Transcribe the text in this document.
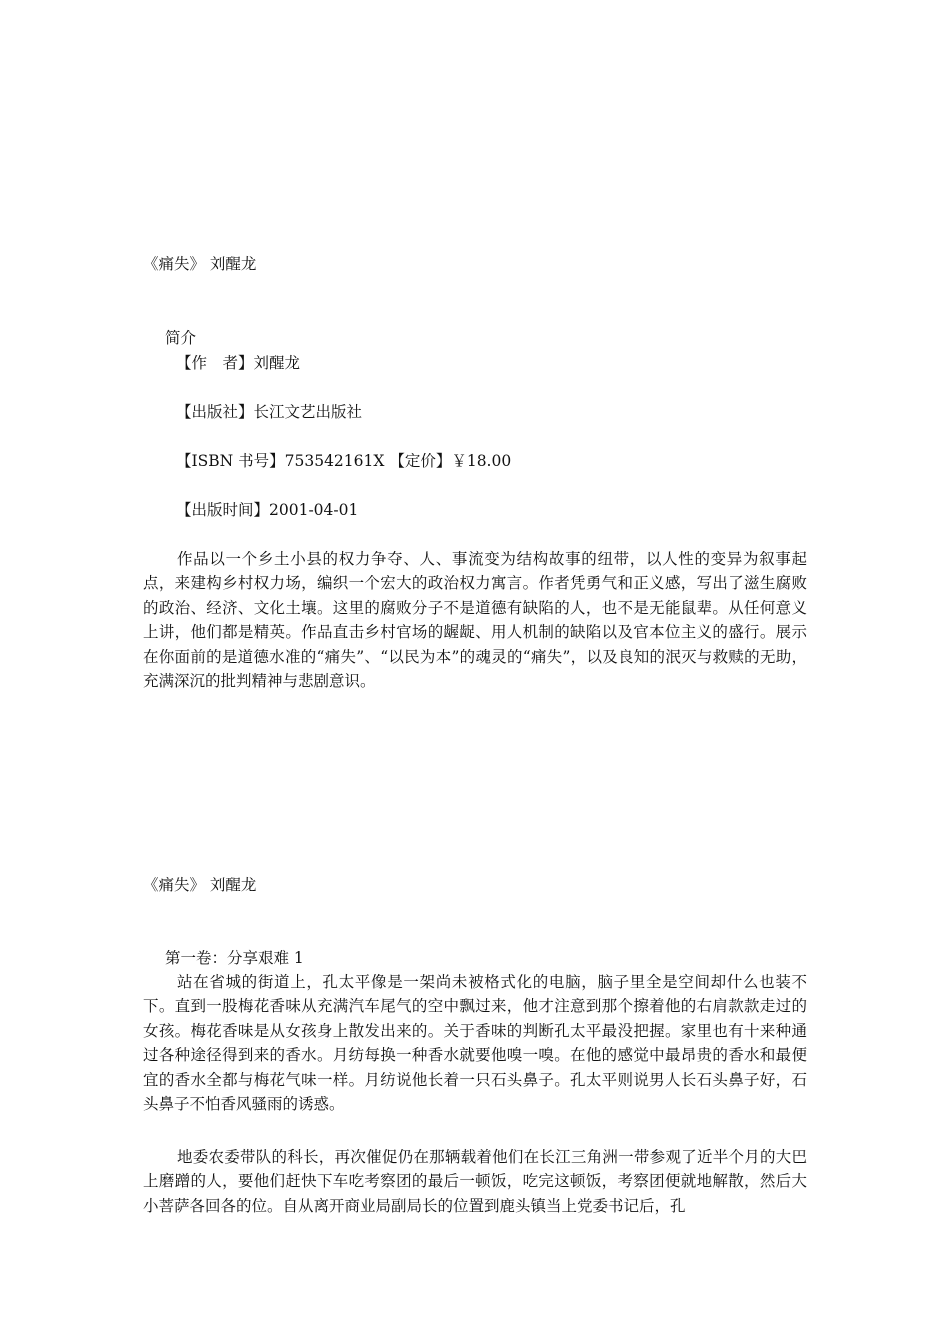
《痛失》 刘醒龙
简介
【作　者】刘醒龙
【出版社】长江文艺出版社
【ISBN 书号】753542161X 【定价】￥18.00
【出版时间】2001-04-01
作品以一个乡土小县的权力争夺、人、事流变为结构故事的纽带，以人性的变异为叙事起点，来建构乡村权力场，编织一个宏大的政治权力寓言。作者凭勇气和正义感，写出了滋生腐败的政治、经济、文化土壤。这里的腐败分子不是道德有缺陷的人，也不是无能鼠辈。从任何意义上讲，他们都是精英。作品直击乡村官场的龌龊、用人机制的缺陷以及官本位主义的盛行。展示在你面前的是道德水准的“痛失”、“以民为本”的魂灵的“痛失”，以及良知的泯灭与救赎的无助，充满深沉的批判精神与悲剧意识。
《痛失》 刘醒龙
第一卷：分享艰难 1
站在省城的街道上，孔太平像是一架尚未被格式化的电脑，脑子里全是空间却什么也装不下。直到一股梅花香味从充满汽车尾气的空中飘过来，他才注意到那个擦着他的右肩款款走过的女孩。梅花香味是从女孩身上散发出来的。关于香味的判断孔太平最没把握。家里也有十来种通过各种途径得到来的香水。月纺每换一种香水就要他嗅一嗅。在他的感觉中最昂贵的香水和最便宜的香水全都与梅花气味一样。月纺说他长着一只石头鼻子。孔太平则说男人长石头鼻子好，石头鼻子不怕香风骚雨的诱惑。
地委农委带队的科长，再次催促仍在那辆载着他们在长江三角洲一带参观了近半个月的大巴上磨蹭的人，要他们赶快下车吃考察团的最后一顿饭，吃完这顿饭，考察团便就地解散，然后大小菩萨各回各的位。自从离开商业局副局长的位置到鹿头镇当上党委书记后，孔
